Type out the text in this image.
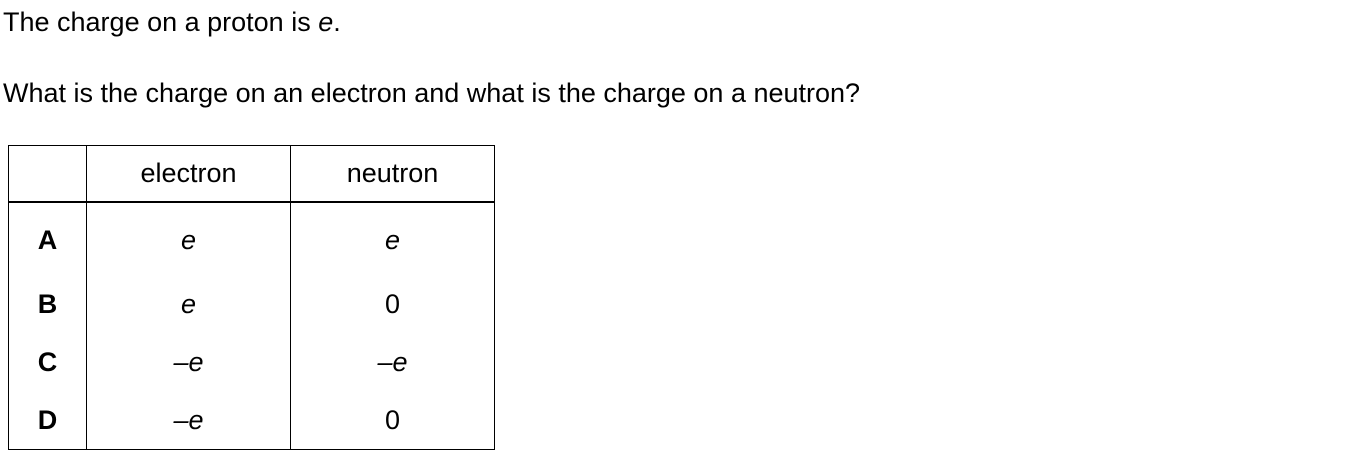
The charge on a proton is e.
What is the charge on an electron and what is the charge on a neutron?
	electron	neutron
A	e	e
B	e	0
C	–e	–e
D	–e	0
